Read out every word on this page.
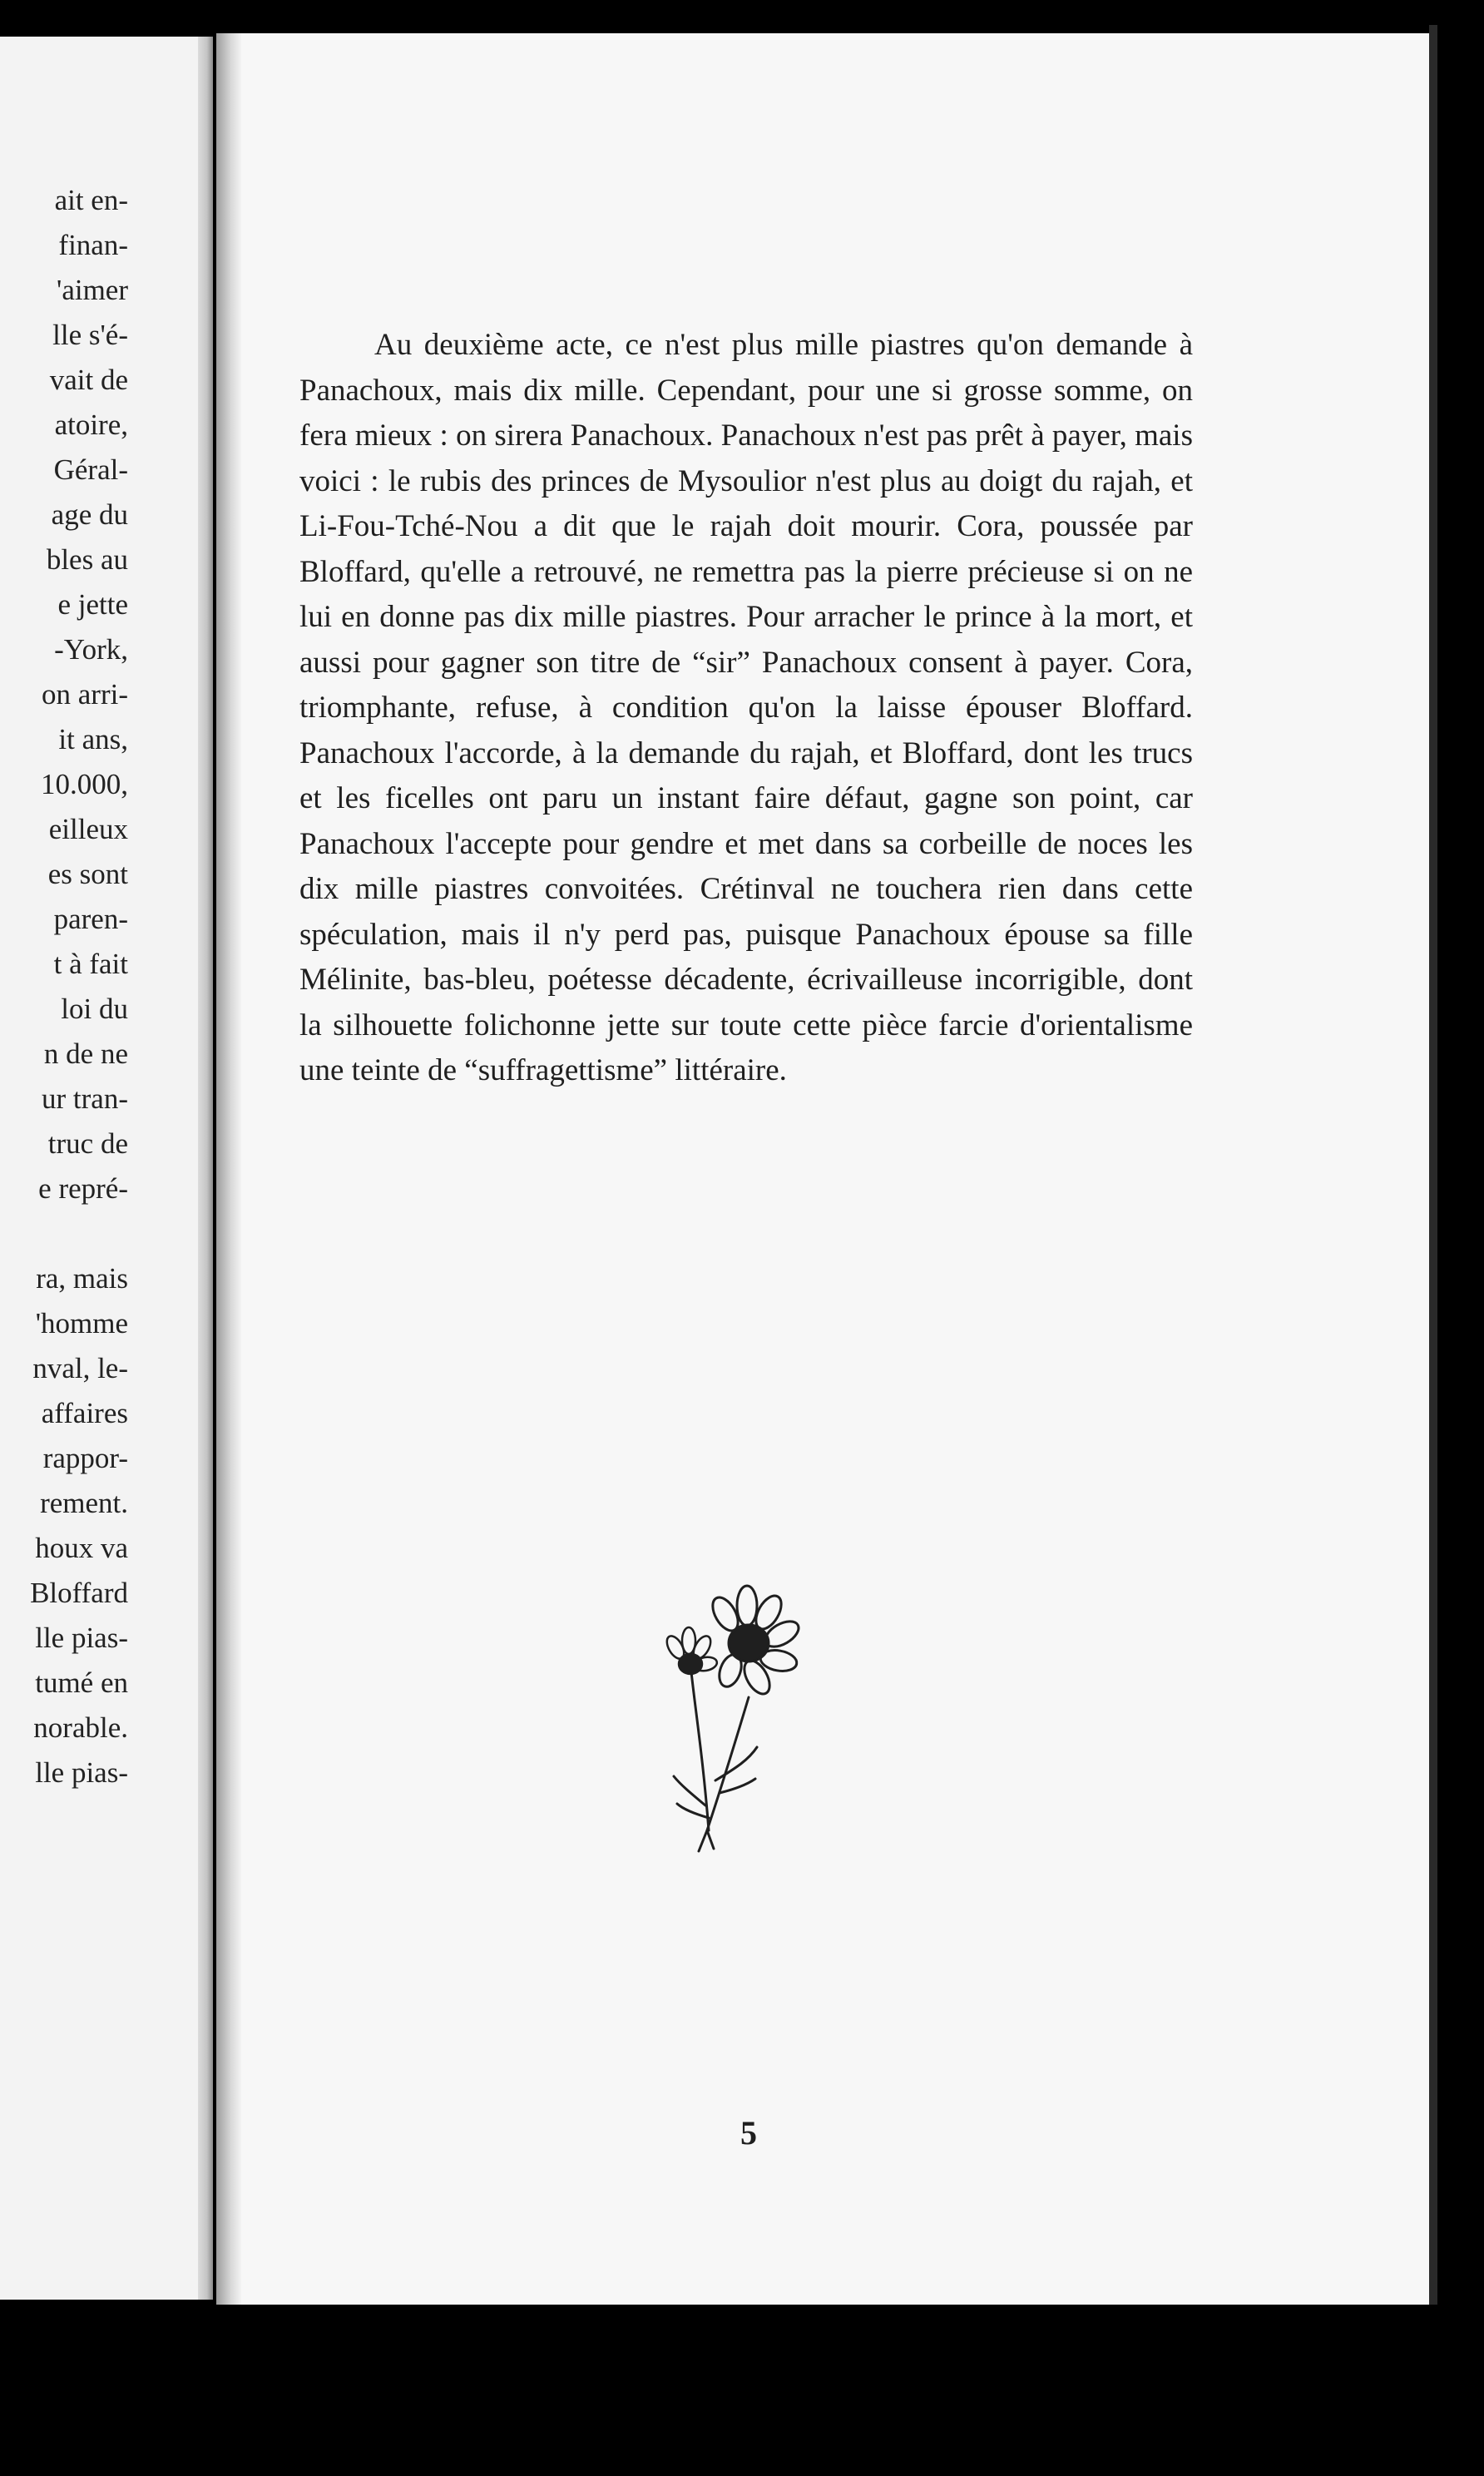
ait en-
finan-
'aimer
lle s'é-
vait de
atoire,
Géral-
age du
bles au
e jette
-York,
on arri-
it ans,
10.000,
eilleux
es sont
paren-
t à fait
loi du
n de ne
ur tran-
truc de
e repré-
ra, mais
'homme
nval, le-
affaires
rappor-
rement.
houx va
Bloffard
lle pias-
tumé en
norable.
lle pias-

Au deuxième acte, ce n'est plus mille piastres qu'on demande à Panachoux, mais dix mille. Cependant, pour une si grosse somme, on fera mieux : on sirera Panachoux. Panachoux n'est pas prêt à payer, mais voici : le rubis des princes de Mysoulior n'est plus au doigt du rajah, et Li-Fou-Tché-Nou a dit que le rajah doit mourir. Cora, poussée par Bloffard, qu'elle a retrouvé, ne remettra pas la pierre précieuse si on ne lui en donne pas dix mille piastres. Pour arracher le prince à la mort, et aussi pour gagner son titre de “sir” Panachoux consent à payer. Cora, triomphante, refuse, à condition qu'on la laisse épouser Bloffard. Panachoux l'accorde, à la demande du rajah, et Bloffard, dont les trucs et les ficelles ont paru un instant faire défaut, gagne son point, car Panachoux l'accepte pour gendre et met dans sa corbeille de noces les dix mille piastres convoitées. Crétinval ne touchera rien dans cette spéculation, mais il n'y perd pas, puisque Panachoux épouse sa fille Mélinite, bas-bleu, poétesse décadente, écrivailleuse incorrigible, dont la silhouette folichonne jette sur toute cette pièce farcie d'orientalisme une teinte de “suffragettisme” littéraire.

5
